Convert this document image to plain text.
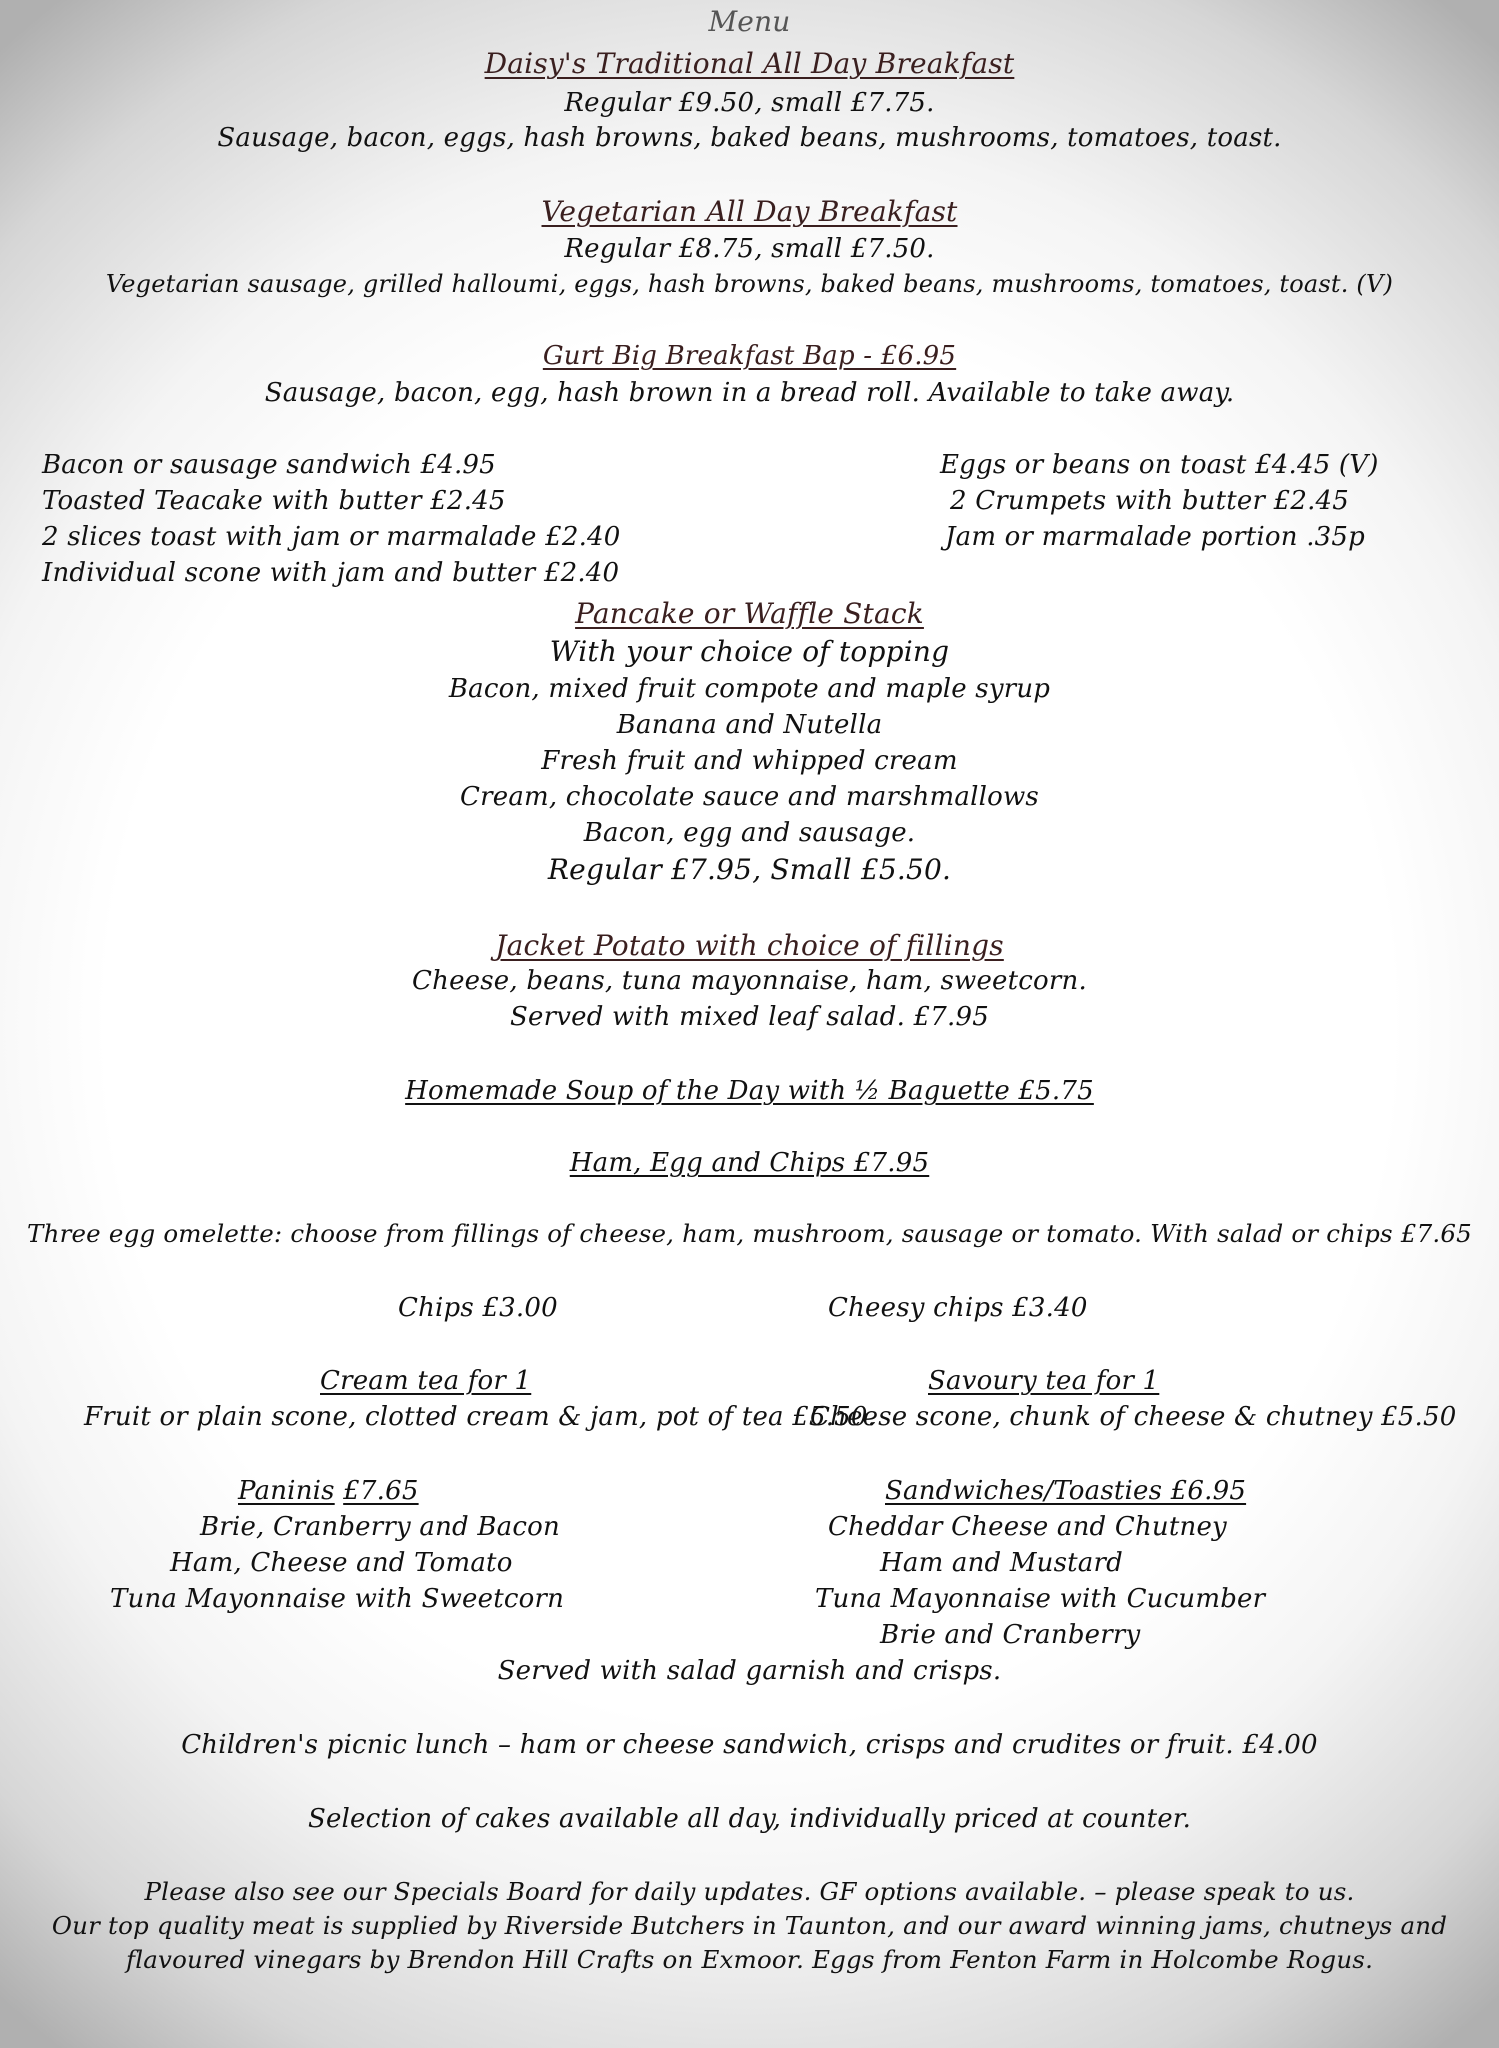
Menu
Daisy's Traditional All Day Breakfast
Regular £9.50, small £7.75.
Sausage, bacon, eggs, hash browns, baked beans, mushrooms, tomatoes, toast.
Vegetarian All Day Breakfast
Regular £8.75, small £7.50.
Vegetarian sausage, grilled halloumi, eggs, hash browns, baked beans, mushrooms, tomatoes, toast. (V)
Gurt Big Breakfast Bap - £6.95
Sausage, bacon, egg, hash brown in a bread roll. Available to take away.
Bacon or sausage sandwich £4.95
Toasted Teacake with butter £2.45
2 slices toast with jam or marmalade £2.40
Individual scone with jam and butter £2.40
Eggs or beans on toast £4.45 (V)
2 Crumpets with butter £2.45
Jam or marmalade portion .35p
Pancake or Waffle Stack
With your choice of topping
Bacon, mixed fruit compote and maple syrup
Banana and Nutella
Fresh fruit and whipped cream
Cream, chocolate sauce and marshmallows
Bacon, egg and sausage.
Regular £7.95, Small £5.50.
Jacket Potato with choice of fillings
Cheese, beans, tuna mayonnaise, ham, sweetcorn.
Served with mixed leaf salad. £7.95
Homemade Soup of the Day with ½ Baguette £5.75
Ham, Egg and Chips £7.95
Three egg omelette: choose from fillings of cheese, ham, mushroom, sausage or tomato. With salad or chips £7.65
Chips £3.00	Cheesy chips £3.40
Cream tea for 1
Fruit or plain scone, clotted cream & jam, pot of tea £5.50.
Savoury tea for 1
Cheese scone, chunk of cheese & chutney £5.50
Paninis £7.65
Brie, Cranberry and Bacon
Ham, Cheese and Tomato
Tuna Mayonnaise with Sweetcorn
Sandwiches/Toasties £6.95
Cheddar Cheese and Chutney
Ham and Mustard
Tuna Mayonnaise with Cucumber
Brie and Cranberry
Served with salad garnish and crisps.
Children's picnic lunch – ham or cheese sandwich, crisps and crudites or fruit. £4.00
Selection of cakes available all day, individually priced at counter.
Please also see our Specials Board for daily updates. GF options available. – please speak to us.
Our top quality meat is supplied by Riverside Butchers in Taunton, and our award winning jams, chutneys and
flavoured vinegars by Brendon Hill Crafts on Exmoor. Eggs from Fenton Farm in Holcombe Rogus.
